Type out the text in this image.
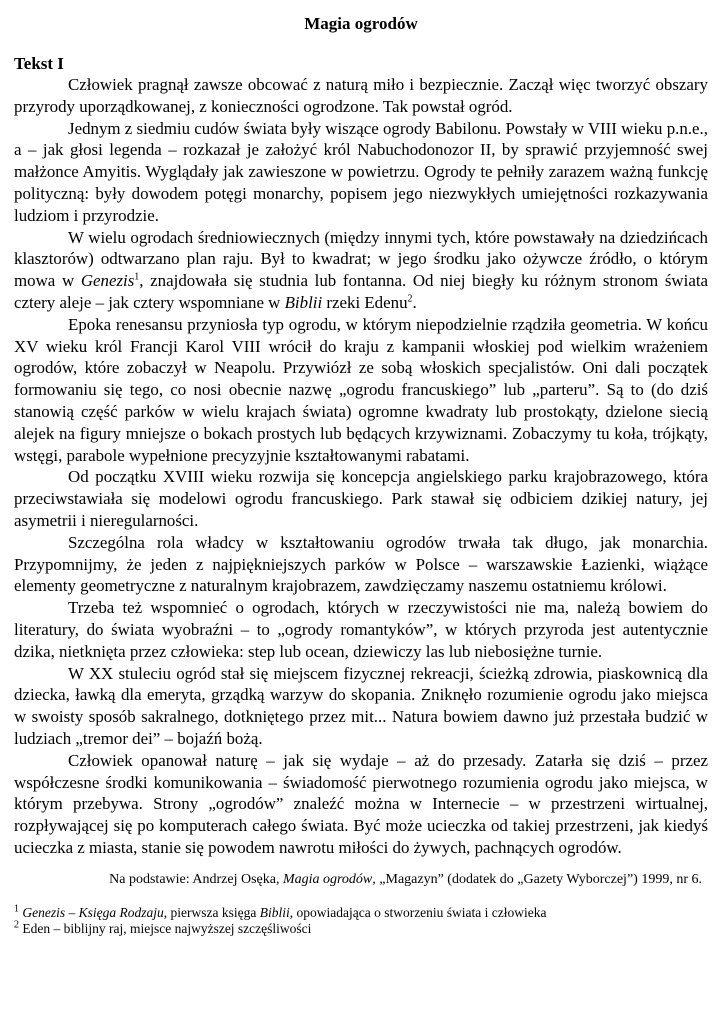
Magia ogrodów
Tekst I

Człowiek pragnął zawsze obcować z naturą miło i bezpiecznie. Zaczął więc tworzyć obszary przyrody uporządkowanej, z konieczności ogrodzone. Tak powstał ogród.

Jednym z siedmiu cudów świata były wiszące ogrody Babilonu. Powstały w VIII wieku p.n.e., a – jak głosi legenda – rozkazał je założyć król Nabuchodonozor II, by sprawić przyjemność swej małżonce Amyitis. Wyglądały jak zawieszone w powietrzu. Ogrody te pełniły zarazem ważną funkcję polityczną: były dowodem potęgi monarchy, popisem jego niezwykłych umiejętności rozkazywania ludziom i przyrodzie.

W wielu ogrodach średniowiecznych (między innymi tych, które powstawały na dziedzińcach klasztorów) odtwarzano plan raju. Był to kwadrat; w jego środku jako ożywcze źródło, o którym mowa w Genezis$^1$, znajdowała się studnia lub fontanna. Od niej biegły ku różnym stronom świata cztery aleje – jak cztery wspomniane w Biblii rzeki Edenu$^2$.

Epoka renesansu przyniosła typ ogrodu, w którym niepodzielnie rządziła geometria. W końcu XV wieku król Francji Karol VIII wrócił do kraju z kampanii włoskiej pod wielkim wrażeniem ogrodów, które zobaczył w Neapolu. Przywiózł ze sobą włoskich specjalistów. Oni dali początek formowaniu się tego, co nosi obecnie nazwę „ogrodu francuskiego” lub „parteru”. Są to (do dziś stanowią część parków w wielu krajach świata) ogromne kwadraty lub prostokąty, dzielone siecią alejek na figury mniejsze o bokach prostych lub będących krzywiznami. Zobaczymy tu koła, trójkąty, wstęgi, parabole wypełnione precyzyjnie kształtowanymi rabatami.

Od początku XVIII wieku rozwija się koncepcja angielskiego parku krajobrazowego, która przeciwstawiała się modelowi ogrodu francuskiego. Park stawał się odbiciem dzikiej natury, jej asymetrii i nieregularności.

Szczególna rola władcy w kształtowaniu ogrodów trwała tak długo, jak monarchia. Przypomnijmy, że jeden z najpiękniejszych parków w Polsce – warszawskie Łazienki, wiążące elementy geometryczne z naturalnym krajobrazem, zawdzięczamy naszemu ostatniemu królowi.

Trzeba też wspomnieć o ogrodach, których w rzeczywistości nie ma, należą bowiem do literatury, do świata wyobraźni – to „ogrody romantyków”, w których przyroda jest autentycznie dzika, nietknięta przez człowieka: step lub ocean, dziewiczy las lub niebosiężne turnie.

W XX stuleciu ogród stał się miejscem fizycznej rekreacji, ścieżką zdrowia, piaskownicą dla dziecka, ławką dla emeryta, grządką warzyw do skopania. Zniknęło rozumienie ogrodu jako miejsca w swoisty sposób sakralnego, dotkniętego przez mit... Natura bowiem dawno już przestała budzić w ludziach „tremor dei” – bojaźń bożą.

Człowiek opanował naturę – jak się wydaje – aż do przesady. Zatarła się dziś – przez współczesne środki komunikowania – świadomość pierwotnego rozumienia ogrodu jako miejsca, w którym przebywa. Strony „ogrodów” znaleźć można w Internecie – w przestrzeni wirtualnej, rozpływającej się po komputerach całego świata. Być może ucieczka od takiej przestrzeni, jak kiedyś ucieczka z miasta, stanie się powodem nawrotu miłości do żywych, pachnących ogrodów.

Na podstawie: Andrzej Osęka, Magia ogrodów, „Magazyn” (dodatek do „Gazety Wyborczej”) 1999, nr 6.

$^1$ Genezis – Księga Rodzaju, pierwsza księga Biblii, opowiadająca o stworzeniu świata i człowieka

$^2$ Eden – biblijny raj, miejsce najwyższej szczęśliwości
